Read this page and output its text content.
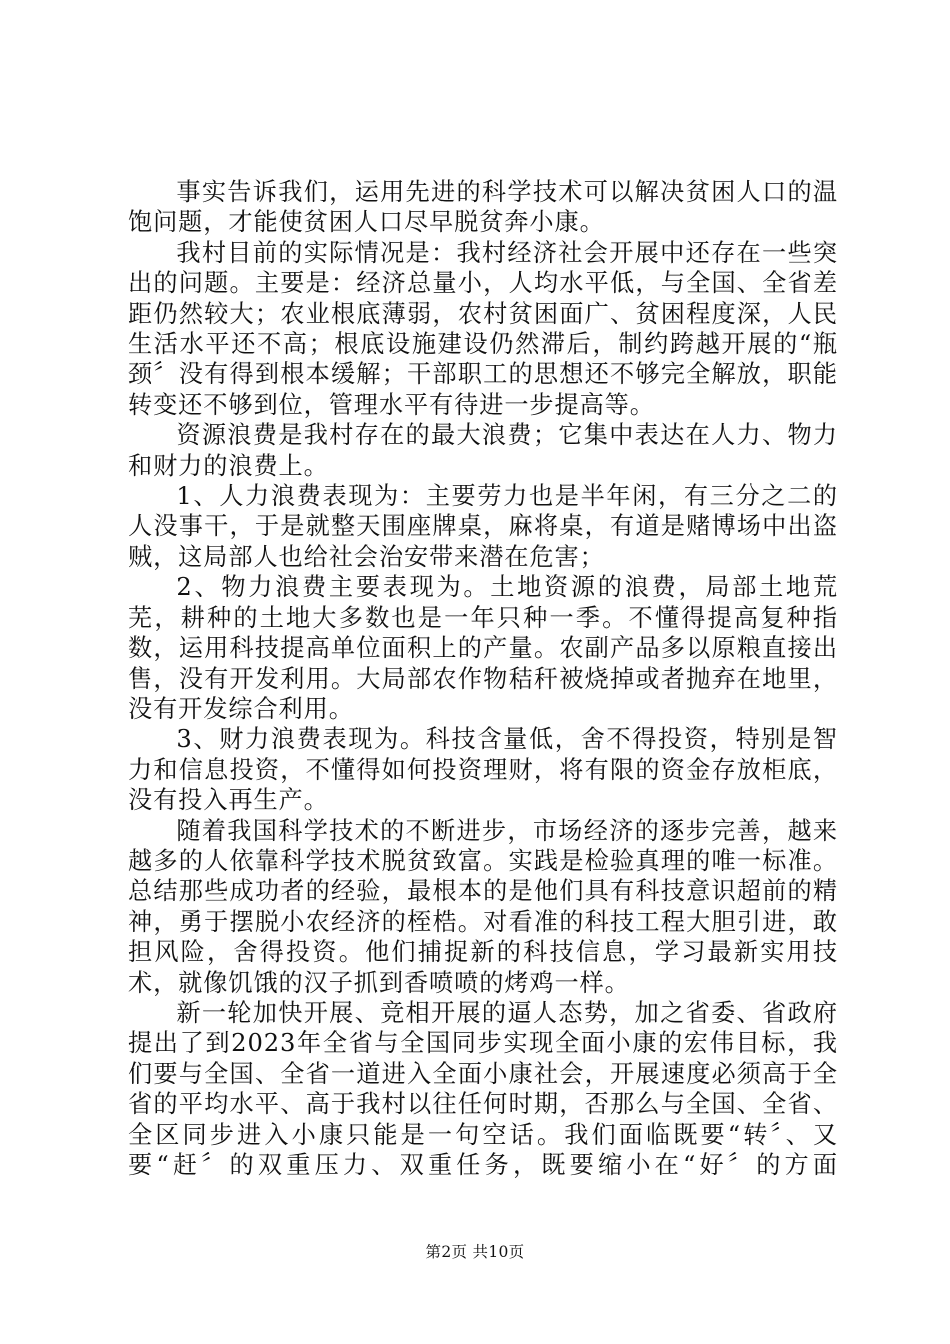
事实告诉我们，运用先进的科学技术可以解决贫困人口的温饱问题，才能使贫困人口尽早脱贫奔小康。

我村目前的实际情况是：我村经济社会开展中还存在一些突出的问题。主要是：经济总量小，人均水平低，与全国、全省差距仍然较大；农业根底薄弱，农村贫困面广、贫困程度深，人民生活水平还不高；根底设施建设仍然滞后，制约跨越开展的“瓶颈〞没有得到根本缓解；干部职工的思想还不够完全解放，职能转变还不够到位，管理水平有待进一步提高等。

资源浪费是我村存在的最大浪费；它集中表达在人力、物力和财力的浪费上。

1、人力浪费表现为：主要劳力也是半年闲，有三分之二的人没事干，于是就整天围座牌桌，麻将桌，有道是赌博场中出盗贼，这局部人也给社会治安带来潜在危害；

2、物力浪费主要表现为。土地资源的浪费，局部土地荒芜，耕种的土地大多数也是一年只种一季。不懂得提高复种指数，运用科技提高单位面积上的产量。农副产品多以原粮直接出售，没有开发利用。大局部农作物秸秆被烧掉或者抛弃在地里，没有开发综合利用。

3、财力浪费表现为。科技含量低，舍不得投资，特别是智力和信息投资，不懂得如何投资理财，将有限的资金存放柜底，没有投入再生产。

随着我国科学技术的不断进步，市场经济的逐步完善，越来越多的人依靠科学技术脱贫致富。实践是检验真理的唯一标准。总结那些成功者的经验，最根本的是他们具有科技意识超前的精神，勇于摆脱小农经济的桎梏。对看准的科技工程大胆引进，敢担风险，舍得投资。他们捕捉新的科技信息，学习最新实用技术，就像饥饿的汉子抓到香喷喷的烤鸡一样。

新一轮加快开展、竞相开展的逼人态势，加之省委、省政府提出了到2023年全省与全国同步实现全面小康的宏伟目标，我们要与全国、全省一道进入全面小康社会，开展速度必须高于全省的平均水平、高于我村以往任何时期，否那么与全国、全省、全区同步进入小康只能是一句空话。我们面临既要“转〞、又要“赶〞的双重压力、双重任务，既要缩小在“好〞的方面

第2页 共10页
